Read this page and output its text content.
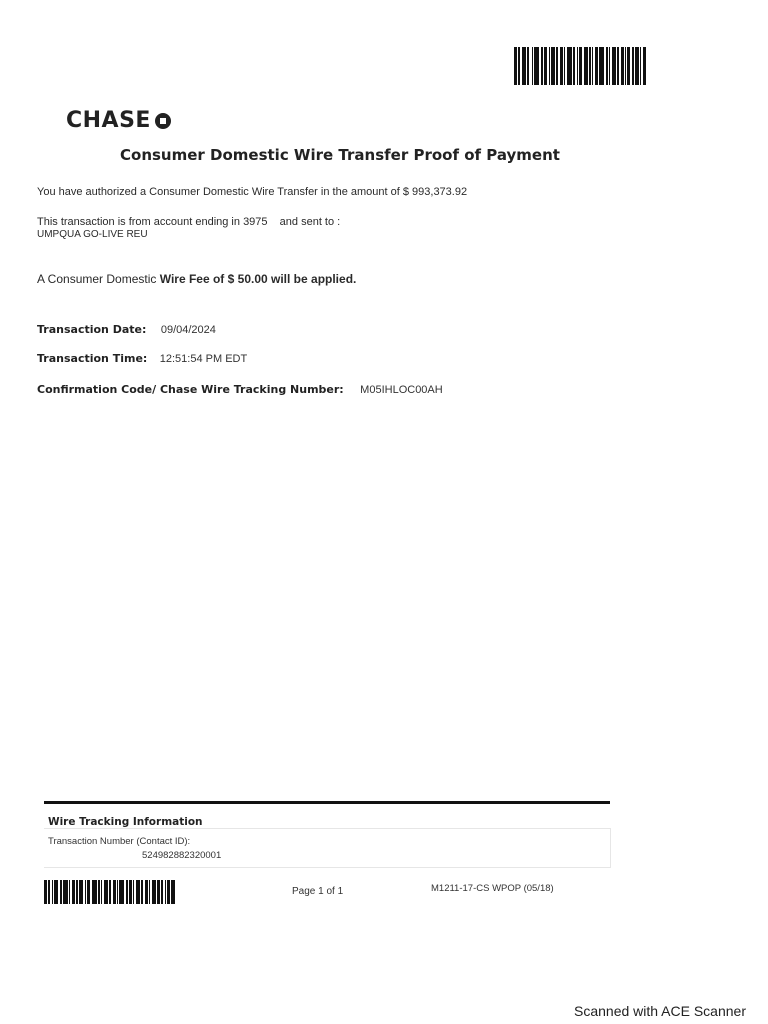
CHASE
Consumer Domestic Wire Transfer Proof of Payment
You have authorized a Consumer Domestic Wire Transfer in the amount of $ 993,373.92
This transaction is from account ending in 3975 and sent to :
UMPQUA GO-LIVE REU
A Consumer Domestic Wire Fee of $ 50.00 will be applied.
Transaction Date: 09/04/2024
Transaction Time: 12:51:54 PM EDT
Confirmation Code/ Chase Wire Tracking Number: M05IHLOC00AH
Wire Tracking Information
Transaction Number (Contact ID):
524982882320001
Page 1 of 1	M1211-17-CS WPOP (05/18)
Scanned with ACE Scanner
